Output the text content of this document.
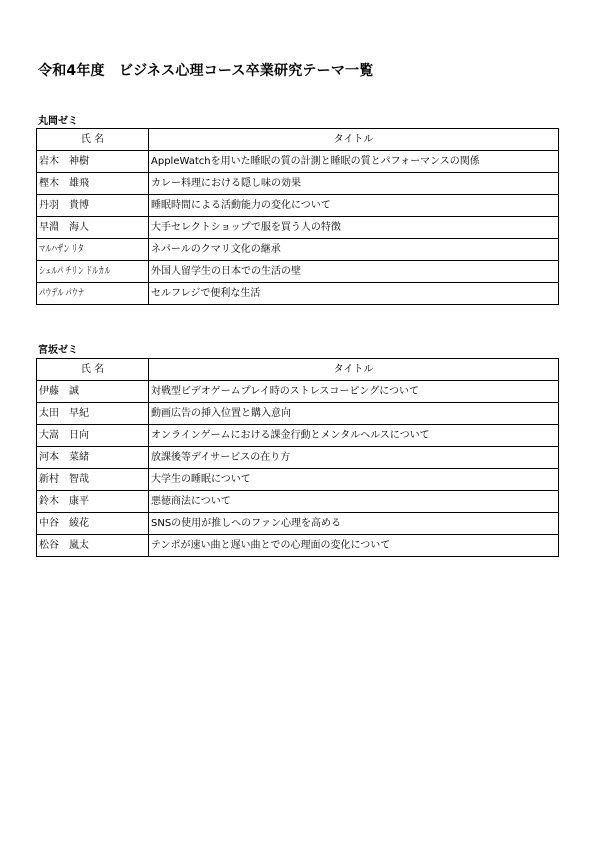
令和4年度　ビジネス心理コース卒業研究テーマ一覧
丸岡ゼミ
氏 名	タイトル
岩木　神樹	AppleWatchを用いた睡眠の質の計測と睡眠の質とパフォーマンスの関係
樫木　雄飛	カレー料理における隠し味の効果
丹羽　貴博	睡眠時間による活動能力の変化について
早淵　海人	大手セレクトショップで服を買う人の特徴
マルハザン リタ	ネパールのクマリ文化の継承
シェルパ チリン ドルカル	外国人留学生の日本での生活の壁
パウデル パウナ	セルフレジで便利な生活
宮坂ゼミ
氏 名	タイトル
伊藤　誠	対戦型ビデオゲームプレイ時のストレスコーピングについて
太田　早紀	動画広告の挿入位置と購入意向
大嵩　日向	オンラインゲームにおける課金行動とメンタルヘルスについて
河本　菜緒	放課後等デイサービスの在り方
新村　智哉	大学生の睡眠について
鈴木　康平	悪徳商法について
中谷　綾花	SNSの使用が推しへのファン心理を高める
松谷　嵐太	テンポが速い曲と遅い曲とでの心理面の変化について
